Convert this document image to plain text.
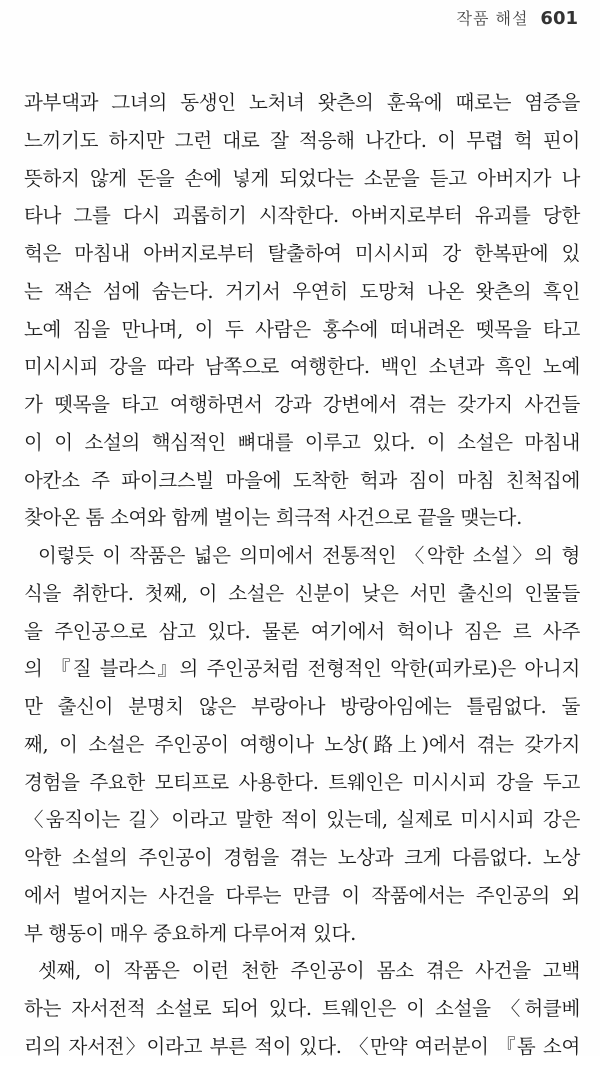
작품 해설 601
과부댁과 그녀의 동생인 노처녀 왓츤의 훈육에 때로는 염증을
느끼기도 하지만 그런 대로 잘 적응해 나간다. 이 무렵 헉 핀이
뜻하지 않게 돈을 손에 넣게 되었다는 소문을 듣고 아버지가 나
타나 그를 다시 괴롭히기 시작한다. 아버지로부터 유괴를 당한
헉은 마침내 아버지로부터 탈출하여 미시시피 강 한복판에 있
는 잭슨 섬에 숨는다. 거기서 우연히 도망쳐 나온 왓츤의 흑인
노예 짐을 만나며, 이 두 사람은 홍수에 떠내려온 뗏목을 타고
미시시피 강을 따라 남쪽으로 여행한다. 백인 소년과 흑인 노예
가 뗏목을 타고 여행하면서 강과 강변에서 겪는 갖가지 사건들
이 이 소설의 핵심적인 뼈대를 이루고 있다. 이 소설은 마침내
아칸소 주 파이크스빌 마을에 도착한 헉과 짐이 마침 친척집에
찾아온 톰 소여와 함께 벌이는 희극적 사건으로 끝을 맺는다.
이렇듯 이 작품은 넓은 의미에서 전통적인 〈악한 소설〉의 형
식을 취한다. 첫째, 이 소설은 신분이 낮은 서민 출신의 인물들
을 주인공으로 삼고 있다. 물론 여기에서 헉이나 짐은 르 사주
의 『질 블라스』의 주인공처럼 전형적인 악한(피카로)은 아니지
만 출신이 분명치 않은 부랑아나 방랑아임에는 틀림없다. 둘
째, 이 소설은 주인공이 여행이나 노상(路上)에서 겪는 갖가지
경험을 주요한 모티프로 사용한다. 트웨인은 미시시피 강을 두고
〈움직이는 길〉이라고 말한 적이 있는데, 실제로 미시시피 강은
악한 소설의 주인공이 경험을 겪는 노상과 크게 다름없다. 노상
에서 벌어지는 사건을 다루는 만큼 이 작품에서는 주인공의 외
부 행동이 매우 중요하게 다루어져 있다.
셋째, 이 작품은 이런 천한 주인공이 몸소 겪은 사건을 고백
하는 자서전적 소설로 되어 있다. 트웨인은 이 소설을 〈허클베
리의 자서전〉이라고 부른 적이 있다. 〈만약 여러분이 『톰 소여
